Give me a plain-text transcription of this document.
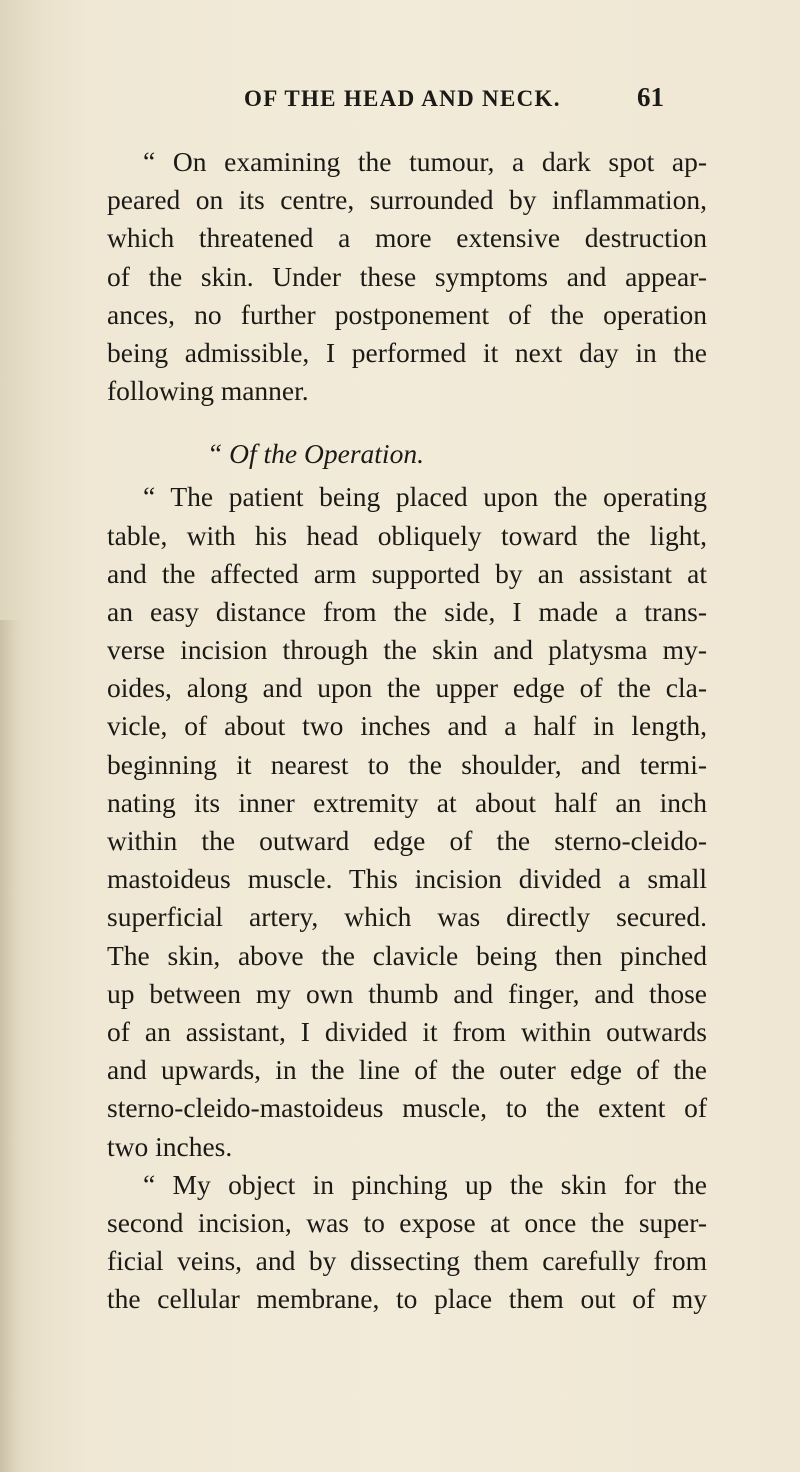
OF THE HEAD AND NECK.	61
“ On examining the tumour, a dark spot ap-
peared on its centre, surrounded by inflammation,
which threatened a more extensive destruction
of the skin. Under these symptoms and appear-
ances, no further postponement of the operation
being admissible, I performed it next day in the
following manner.
“ Of the Operation.
“ The patient being placed upon the operating
table, with his head obliquely toward the light,
and the affected arm supported by an assistant at
an easy distance from the side, I made a trans-
verse incision through the skin and platysma my-
oides, along and upon the upper edge of the cla-
vicle, of about two inches and a half in length,
beginning it nearest to the shoulder, and termi-
nating its inner extremity at about half an inch
within the outward edge of the sterno-cleido-
mastoideus muscle. This incision divided a small
superficial artery, which was directly secured.
The skin, above the clavicle being then pinched
up between my own thumb and finger, and those
of an assistant, I divided it from within outwards
and upwards, in the line of the outer edge of the
sterno-cleido-mastoideus muscle, to the extent of
two inches.
“ My object in pinching up the skin for the
second incision, was to expose at once the super-
ficial veins, and by dissecting them carefully from
the cellular membrane, to place them out of my
